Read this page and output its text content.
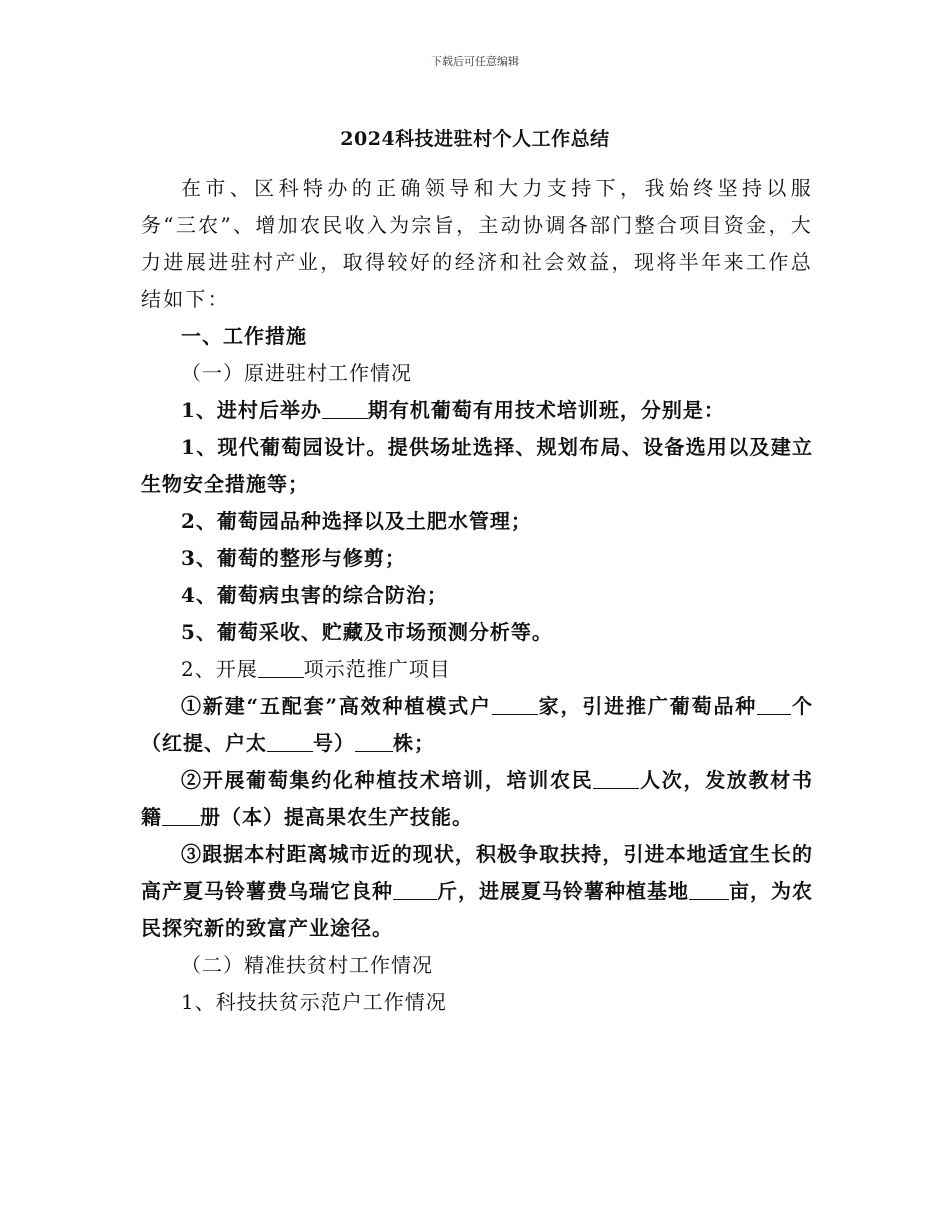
下载后可任意编辑
2024科技进驻村个人工作总结

在市、区科特办的正确领导和大力支持下，我始终坚持以服务“三农”、增加农民收入为宗旨，主动协调各部门整合项目资金，大力进展进驻村产业，取得较好的经济和社会效益，现将半年来工作总结如下：

一、工作措施

（一）原进驻村工作情况

1、进村后举办 期有机葡萄有用技术培训班，分别是：

1、现代葡萄园设计。提供场址选择、规划布局、设备选用以及建立生物安全措施等；

2、葡萄园品种选择以及土肥水管理；

3、葡萄的整形与修剪；

4、葡萄病虫害的综合防治；

5、葡萄采收、贮藏及市场预测分析等。

2、开展 项示范推广项目

①新建“五配套”高效种植模式户 家，引进推广葡萄品种 个（红提、户太 号） 株；

②开展葡萄集约化种植技术培训，培训农民 人次，发放教材书籍 册（本）提高果农生产技能。

③跟据本村距离城市近的现状，积极争取扶持，引进本地适宜生长的高产夏马铃薯费乌瑞它良种 斤，进展夏马铃薯种植基地 亩，为农民探究新的致富产业途径。

（二）精准扶贫村工作情况

1、科技扶贫示范户工作情况
